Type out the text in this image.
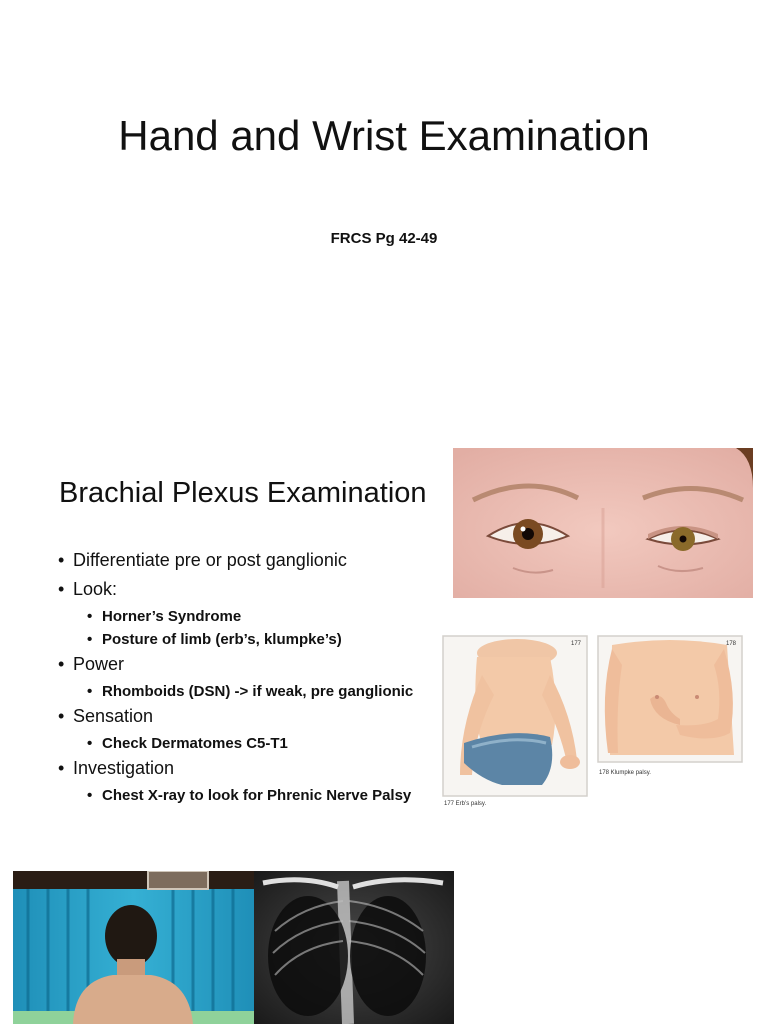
Hand and Wrist Examination
FRCS Pg 42-49
Brachial Plexus Examination
• Differentiate pre or post ganglionic
• Look:
• Horner’s Syndrome
• Posture of limb (erb’s, klumpke’s)
• Power
• Rhomboids (DSN) -> if weak, pre ganglionic
• Sensation
• Check Dermatomes C5-T1
• Investigation
• Chest X-ray to look for Phrenic Nerve Palsy
177	178
177 Erb’s palsy.
178 Klumpke palsy.
